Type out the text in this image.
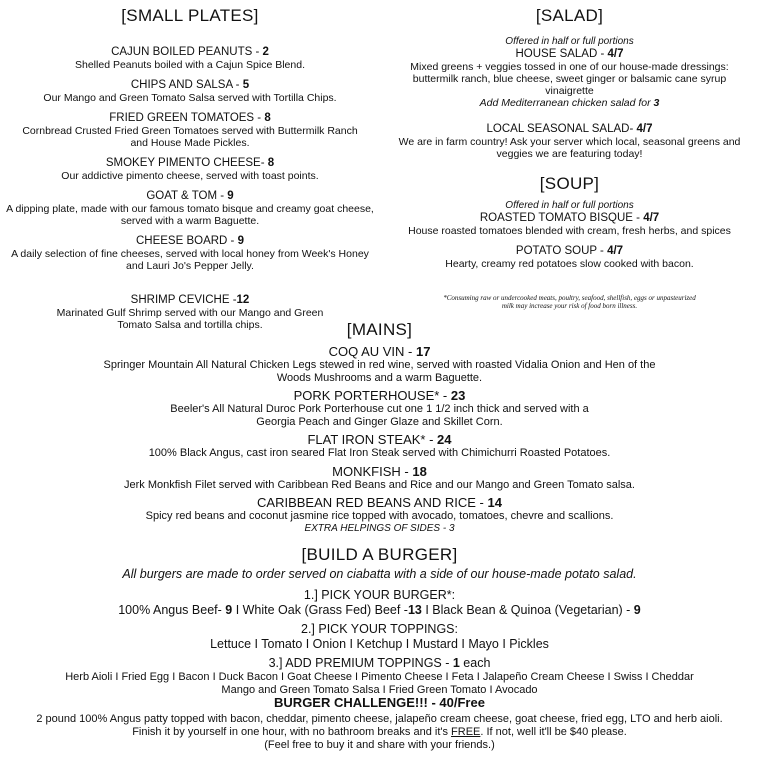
[SMALL PLATES]
CAJUN BOILED PEANUTS - 2
Shelled Peanuts boiled with a Cajun Spice Blend.
CHIPS AND SALSA - 5
Our Mango and Green Tomato Salsa served with Tortilla Chips.
FRIED GREEN TOMATOES - 8
Cornbread Crusted Fried Green Tomatoes served with Buttermilk Ranch and House Made Pickles.
SMOKEY PIMENTO CHEESE- 8
Our addictive pimento cheese, served with toast points.
GOAT & TOM - 9
A dipping plate, made with our famous tomato bisque and creamy goat cheese, served with a warm Baguette.
CHEESE BOARD - 9
A daily selection of fine cheeses, served with local honey from Week's Honey and Lauri Jo's Pepper Jelly.
SHRIMP CEVICHE -12
Marinated Gulf Shrimp served with our Mango and Green Tomato Salsa and tortilla chips.
[SALAD]
Offered in half or full portions
HOUSE SALAD - 4/7
Mixed greens + veggies tossed in one of our house-made dressings: buttermilk ranch, blue cheese, sweet ginger or balsamic cane syrup vinaigrette
Add Mediterranean chicken salad for 3
LOCAL SEASONAL SALAD- 4/7
We are in farm country! Ask your server which local, seasonal greens and veggies we are featuring today!
[SOUP]
Offered in half or full portions
ROASTED TOMATO BISQUE - 4/7
House roasted tomatoes blended with cream, fresh herbs, and spices
POTATO SOUP - 4/7
Hearty, creamy red potatoes slow cooked with bacon.
*Consuming raw or undercooked meats, poultry, seafood, shellfish, eggs or unpasteurized milk may increase your risk of food born illness.
[MAINS]
COQ AU VIN - 17
Springer Mountain All Natural Chicken Legs stewed in red wine, served with roasted Vidalia Onion and Hen of the Woods Mushrooms and a warm Baguette.
PORK PORTERHOUSE* - 23
Beeler's All Natural Duroc Pork Porterhouse cut one 1 1/2 inch thick and served with a Georgia Peach and Ginger Glaze and Skillet Corn.
FLAT IRON STEAK* - 24
100% Black Angus, cast iron seared Flat Iron Steak served with Chimichurri Roasted Potatoes.
MONKFISH - 18
Jerk Monkfish Filet served with Caribbean Red Beans and Rice and our Mango and Green Tomato salsa.
CARIBBEAN RED BEANS AND RICE - 14
Spicy red beans and coconut jasmine rice topped with avocado, tomatoes, chevre and scallions.
EXTRA HELPINGS OF SIDES - 3
[BUILD A BURGER]
All burgers are made to order served on ciabatta with a side of our house-made potato salad.
1.] PICK YOUR BURGER*:
100% Angus Beef- 9 I White Oak (Grass Fed) Beef -13 I Black Bean & Quinoa (Vegetarian) - 9
2.] PICK YOUR TOPPINGS:
Lettuce I Tomato I Onion I Ketchup I Mustard I Mayo I Pickles
3.] ADD PREMIUM TOPPINGS - 1 each
Herb Aioli I Fried Egg I Bacon I Duck Bacon I Goat Cheese I Pimento Cheese I Feta I Jalapeño Cream Cheese I Swiss I Cheddar
Mango and Green Tomato Salsa I Fried Green Tomato I Avocado
BURGER CHALLENGE!!! - 40/Free
2 pound 100% Angus patty topped with bacon, cheddar, pimento cheese, jalapeño cream cheese, goat cheese, fried egg, LTO and herb aioli.
Finish it by yourself in one hour, with no bathroom breaks and it's FREE. If not, well it'll be $40 please.
(Feel free to buy it and share with your friends.)
